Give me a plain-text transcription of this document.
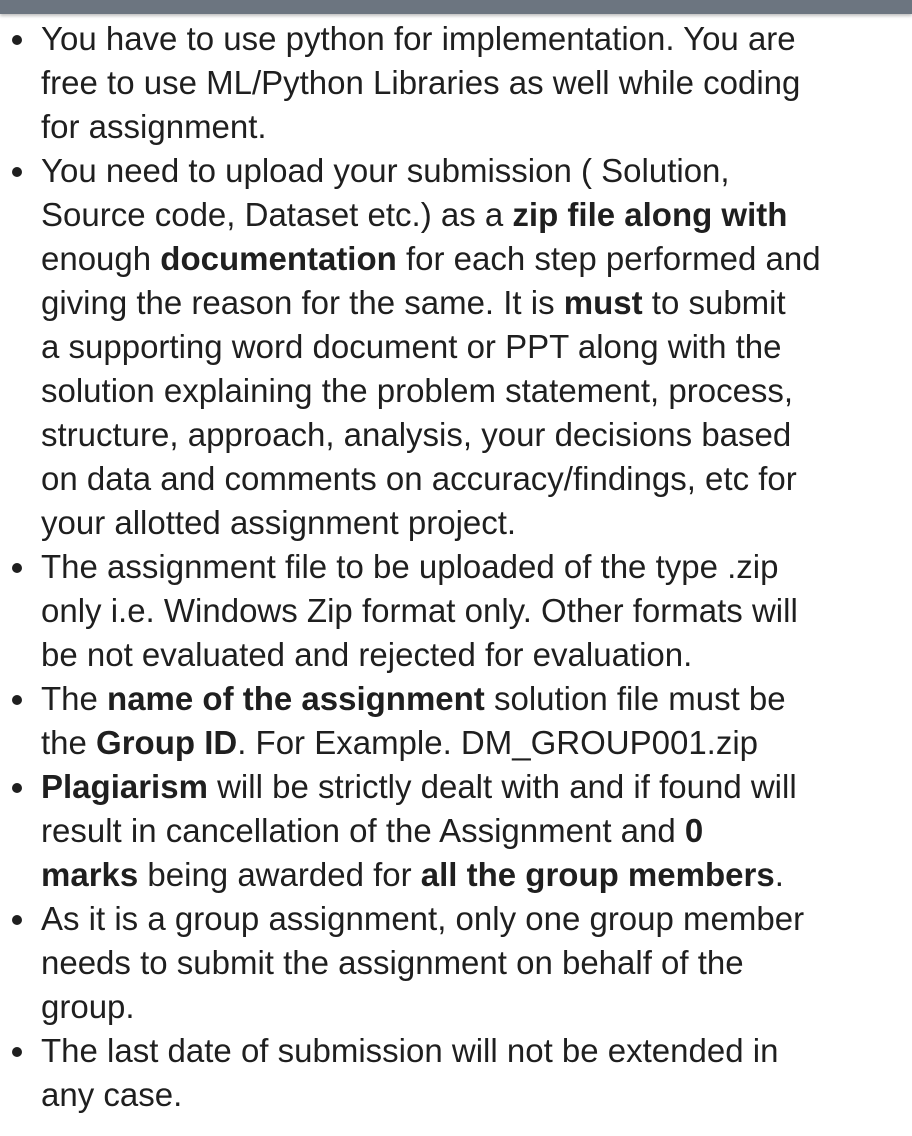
You have to use python for implementation. You are
free to use ML/Python Libraries as well while coding
for assignment.
You need to upload your submission ( Solution,
Source code, Dataset etc.) as a zip file along with
enough documentation for each step performed and
giving the reason for the same. It is must to submit
a supporting word document or PPT along with the
solution explaining the problem statement, process,
structure, approach, analysis, your decisions based
on data and comments on accuracy/findings, etc for
your allotted assignment project.
The assignment file to be uploaded of the type .zip
only i.e. Windows Zip format only. Other formats will
be not evaluated and rejected for evaluation.
The name of the assignment solution file must be
the Group ID. For Example. DM_GROUP001.zip
Plagiarism will be strictly dealt with and if found will
result in cancellation of the Assignment and 0
marks being awarded for all the group members.
As it is a group assignment, only one group member
needs to submit the assignment on behalf of the
group.
The last date of submission will not be extended in
any case.
